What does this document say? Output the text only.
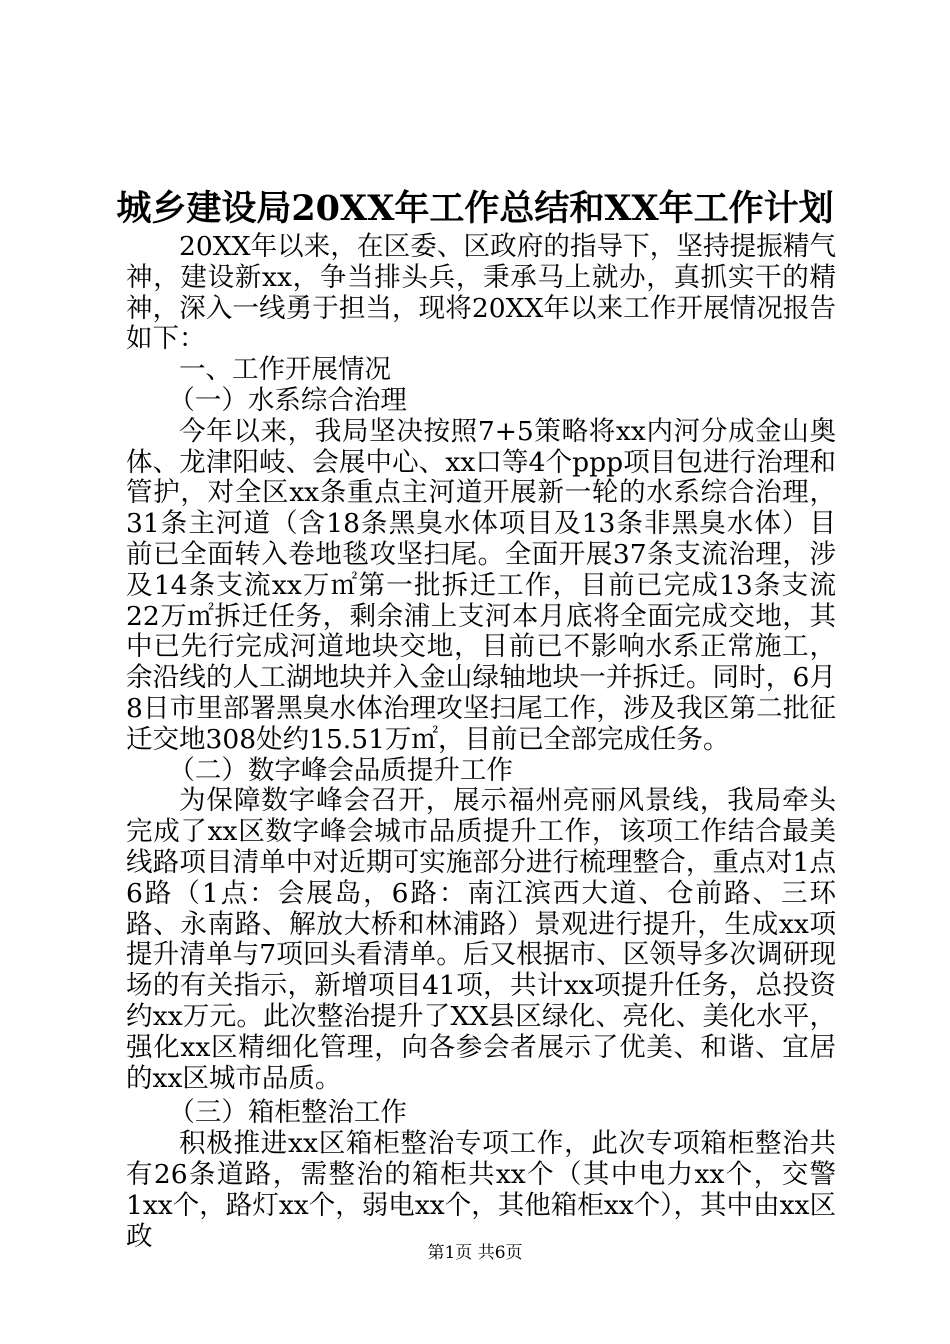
城乡建设局20XX年工作总结和XX年工作计划

20XX年以来，在区委、区政府的指导下，坚持提振精气神，建设新xx，争当排头兵，秉承马上就办，真抓实干的精神，深入一线勇于担当，现将20XX年以来工作开展情况报告如下：

一、工作开展情况

（一）水系综合治理

今年以来，我局坚决按照7+5策略将xx内河分成金山奥体、龙津阳岐、会展中心、xx口等4个ppp项目包进行治理和管护，对全区xx条重点主河道开展新一轮的水系综合治理，31条主河道（含18条黑臭水体项目及13条非黑臭水体）目前已全面转入卷地毯攻坚扫尾。全面开展37条支流治理，涉及14条支流xx万㎡第一批拆迁工作，目前已完成13条支流22万㎡拆迁任务，剩余浦上支河本月底将全面完成交地，其中已先行完成河道地块交地，目前已不影响水系正常施工，余沿线的人工湖地块并入金山绿轴地块一并拆迁。同时，6月8日市里部署黑臭水体治理攻坚扫尾工作，涉及我区第二批征迁交地308处约15.51万㎡，目前已全部完成任务。

（二）数字峰会品质提升工作

为保障数字峰会召开，展示福州亮丽风景线，我局牵头完成了xx区数字峰会城市品质提升工作，该项工作结合最美线路项目清单中对近期可实施部分进行梳理整合，重点对1点6路（1点：会展岛，6路：南江滨西大道、仓前路、三环路、永南路、解放大桥和林浦路）景观进行提升，生成xx项提升清单与7项回头看清单。后又根据市、区领导多次调研现场的有关指示，新增项目41项，共计xx项提升任务，总投资约xx万元。此次整治提升了XX县区绿化、亮化、美化水平，强化xx区精细化管理，向各参会者展示了优美、和谐、宜居的xx区城市品质。

（三）箱柜整治工作

积极推进xx区箱柜整治专项工作，此次专项箱柜整治共有26条道路，需整治的箱柜共xx个（其中电力xx个，交警1xx个，路灯xx个，弱电xx个，其他箱柜xx个），其中由xx区政

第1页 共6页
